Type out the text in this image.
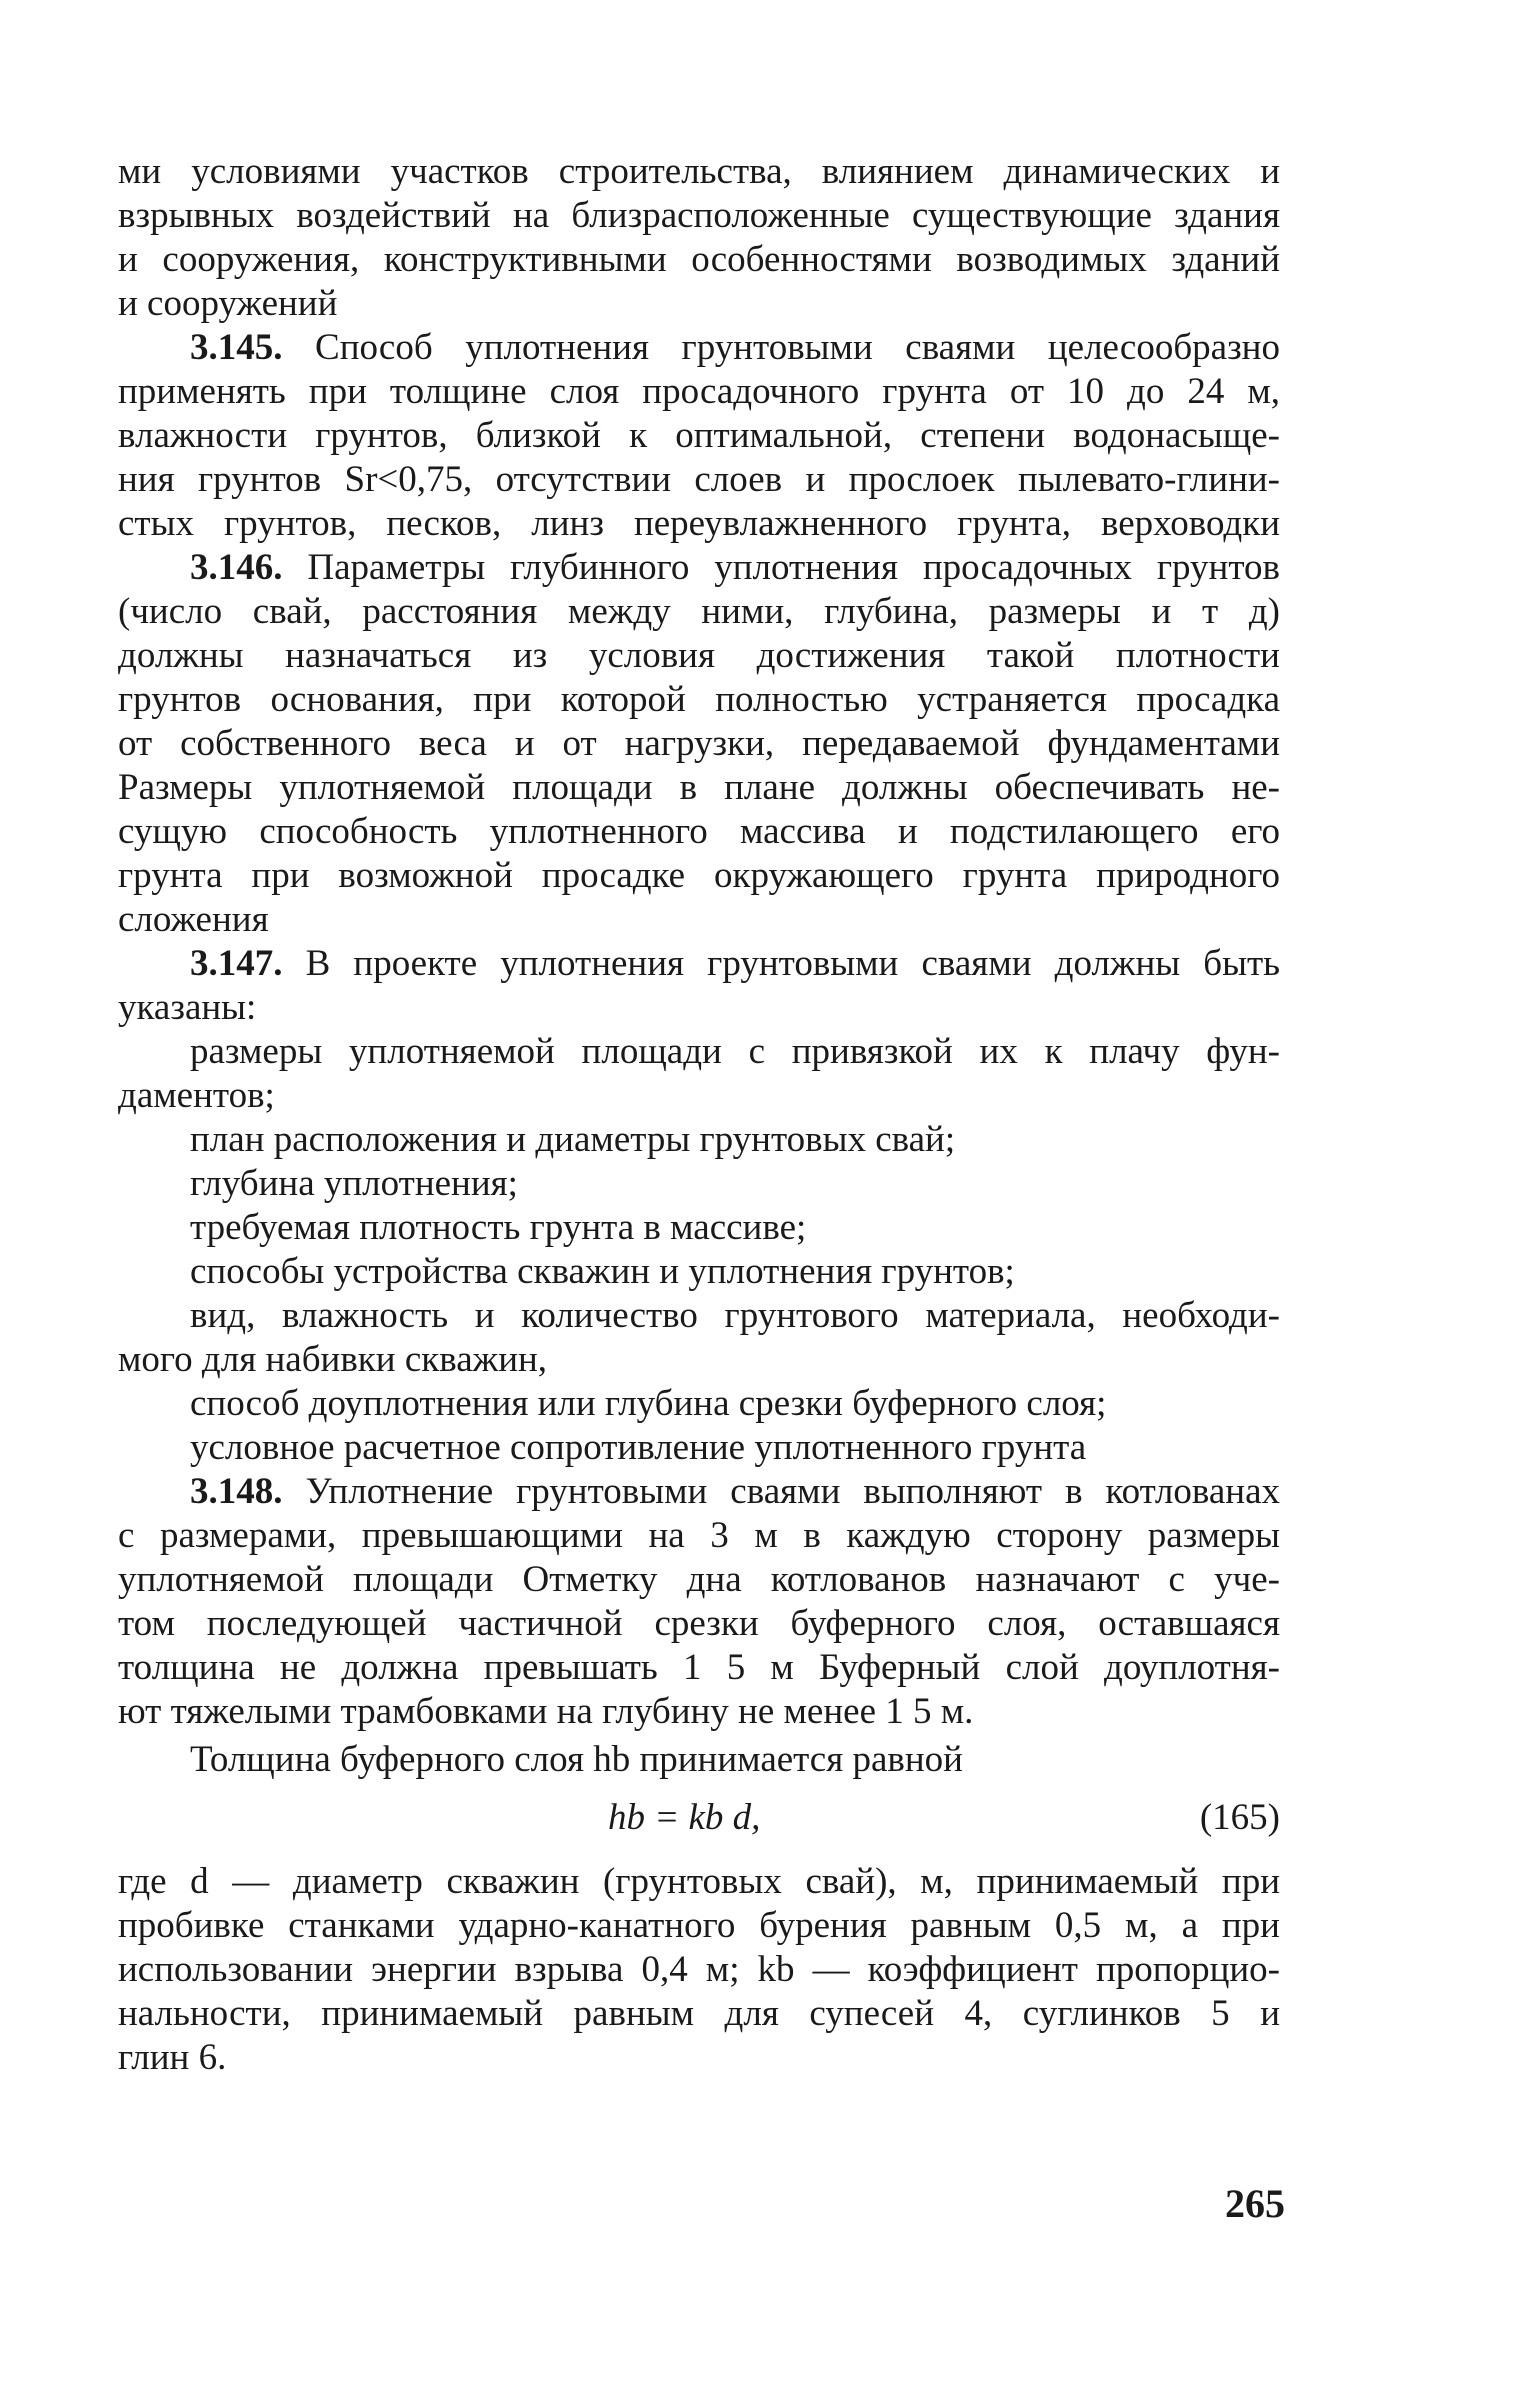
ми условиями участков строительства, влиянием динамических и
взрывных воздействий на близрасположенные существующие здания
и сооружения, конструктивными особенностями возводимых зданий
и сооружений
3.145. Способ уплотнения грунтовыми сваями целесообразно
применять при толщине слоя просадочного грунта от 10 до 24 м,
влажности грунтов, близкой к оптимальной, степени водонасыще-
ния грунтов Sr<0,75, отсутствии слоев и прослоек пылевато-глини-
стых грунтов, песков, линз переувлажненного грунта, верховодки
3.146. Параметры глубинного уплотнения просадочных грунтов
(число свай, расстояния между ними, глубина, размеры и т д)
должны назначаться из условия достижения такой плотности
грунтов основания, при которой полностью устраняется просадка
от собственного веса и от нагрузки, передаваемой фундаментами
Размеры уплотняемой площади в плане должны обеспечивать не-
сущую способность уплотненного массива и подстилающего его
грунта при возможной просадке окружающего грунта природного
сложения
3.147. В проекте уплотнения грунтовыми сваями должны быть
указаны:
размеры уплотняемой площади с привязкой их к плачу фун-
даментов;
план расположения и диаметры грунтовых свай;
глубина уплотнения;
требуемая плотность грунта в массиве;
способы устройства скважин и уплотнения грунтов;
вид, влажность и количество грунтового материала, необходи-
мого для набивки скважин,
способ доуплотнения или глубина срезки буферного слоя;
условное расчетное сопротивление уплотненного грунта
3.148. Уплотнение грунтовыми сваями выполняют в котлованах
с размерами, превышающими на 3 м в каждую сторону размеры
уплотняемой площади Отметку дна котлованов назначают с уче-
том последующей частичной срезки буферного слоя, оставшаяся
толщина не должна превышать 1 5 м Буферный слой доуплотня-
ют тяжелыми трамбовками на глубину не менее 1 5 м.
Толщина буферного слоя hb принимается равной
hb = kb d,	(165)
где d — диаметр скважин (грунтовых свай), м, принимаемый при
пробивке станками ударно-канатного бурения равным 0,5 м, а при
использовании энергии взрыва 0,4 м; kb — коэффициент пропорцио-
нальности, принимаемый равным для супесей 4, суглинков 5 и
глин 6.
265
